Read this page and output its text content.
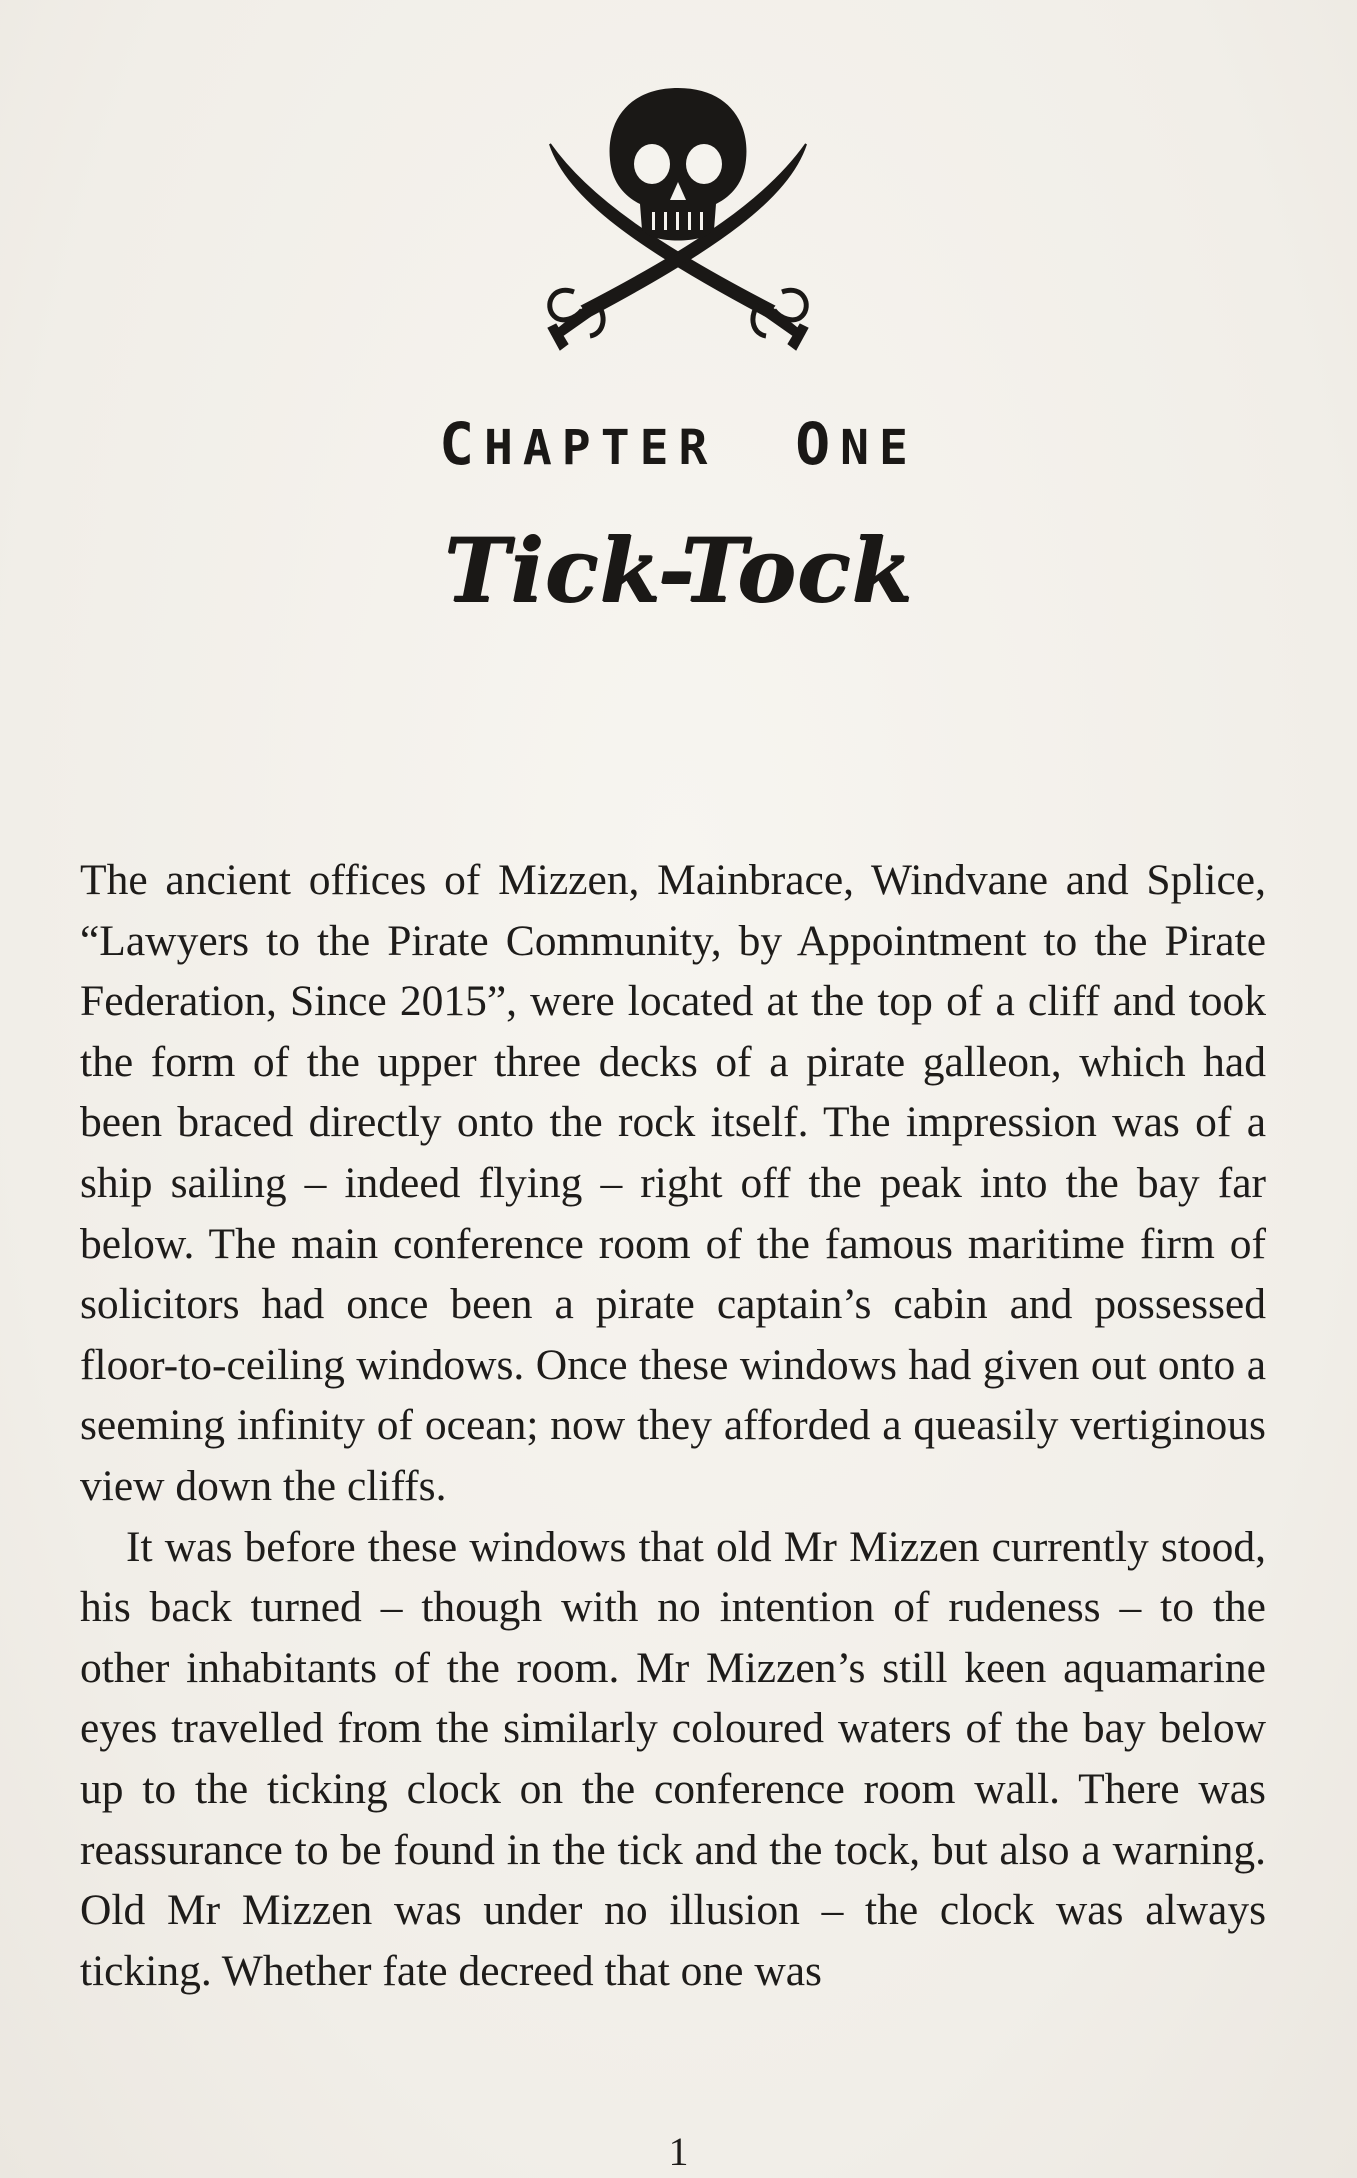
CHAPTER ONE
Tick-Tock

The ancient offices of Mizzen, Mainbrace, Windvane and Splice, “Lawyers to the Pirate Community, by Appointment to the Pirate Federation, Since 2015”, were located at the top of a cliff and took the form of the upper three decks of a pirate galleon, which had been braced directly onto the rock itself. The impression was of a ship sailing – indeed flying – right off the peak into the bay far below. The main conference room of the famous maritime firm of solicitors had once been a pirate captain’s cabin and possessed floor-to-ceiling windows. Once these windows had given out onto a seeming infinity of ocean; now they afforded a queasily vertiginous view down the cliffs.

It was before these windows that old Mr Mizzen currently stood, his back turned – though with no intention of rudeness – to the other inhabitants of the room. Mr Mizzen’s still keen aquamarine eyes travelled from the similarly coloured waters of the bay below up to the ticking clock on the conference room wall. There was reassurance to be found in the tick and the tock, but also a warning. Old Mr Mizzen was under no illusion – the clock was always ticking. Whether fate decreed that one was

1
